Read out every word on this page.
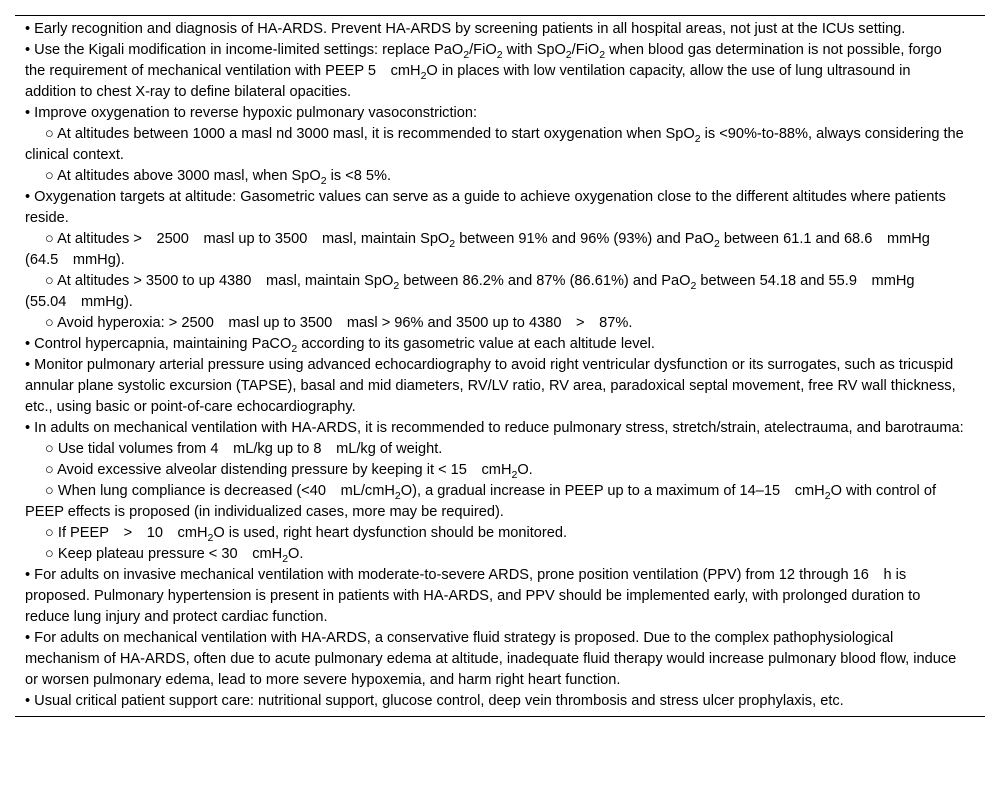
• Early recognition and diagnosis of HA-ARDS. Prevent HA-ARDS by screening patients in all hospital areas, not just at the ICUs setting.

• Use the Kigali modification in income-limited settings: replace PaO$_2$/FiO$_2$ with SpO$_2$/FiO$_2$ when blood gas determination is not possible, forgo the requirement of mechanical ventilation with PEEP 5 cmH$_2$O in places with low ventilation capacity, allow the use of lung ultrasound in addition to chest X-ray to define bilateral opacities.

• Improve oxygenation to reverse hypoxic pulmonary vasoconstriction:

○ At altitudes between 1000 a masl nd 3000 masl, it is recommended to start oxygenation when SpO$_2$ is <90%-to-88%, always considering the clinical context.

○ At altitudes above 3000 masl, when SpO$_2$ is <8 5%.

• Oxygenation targets at altitude: Gasometric values can serve as a guide to achieve oxygenation close to the different altitudes where patients reside.

○ At altitudes > 2500 masl up to 3500 masl, maintain SpO$_2$ between 91% and 96% (93%) and PaO$_2$ between 61.1 and 68.6 mmHg (64.5 mmHg).

○ At altitudes > 3500 to up 4380 masl, maintain SpO$_2$ between 86.2% and 87% (86.61%) and PaO$_2$ between 54.18 and 55.9 mmHg (55.04 mmHg).

○ Avoid hyperoxia: > 2500 masl up to 3500 masl > 96% and 3500 up to 4380 > 87%.

• Control hypercapnia, maintaining PaCO$_2$ according to its gasometric value at each altitude level.

• Monitor pulmonary arterial pressure using advanced echocardiography to avoid right ventricular dysfunction or its surrogates, such as tricuspid annular plane systolic excursion (TAPSE), basal and mid diameters, RV/LV ratio, RV area, paradoxical septal movement, free RV wall thickness, etc., using basic or point-of-care echocardiography.

• In adults on mechanical ventilation with HA-ARDS, it is recommended to reduce pulmonary stress, stretch/strain, atelectrauma, and barotrauma:

○ Use tidal volumes from 4 mL/kg up to 8 mL/kg of weight.

○ Avoid excessive alveolar distending pressure by keeping it < 15 cmH$_2$O.

○ When lung compliance is decreased (<40 mL/cmH$_2$O), a gradual increase in PEEP up to a maximum of 14–15 cmH$_2$O with control of PEEP effects is proposed (in individualized cases, more may be required).

○ If PEEP > 10 cmH$_2$O is used, right heart dysfunction should be monitored.

○ Keep plateau pressure < 30 cmH$_2$O.

• For adults on invasive mechanical ventilation with moderate-to-severe ARDS, prone position ventilation (PPV) from 12 through 16 h is proposed. Pulmonary hypertension is present in patients with HA-ARDS, and PPV should be implemented early, with prolonged duration to reduce lung injury and protect cardiac function.

• For adults on mechanical ventilation with HA-ARDS, a conservative fluid strategy is proposed. Due to the complex pathophysiological mechanism of HA-ARDS, often due to acute pulmonary edema at altitude, inadequate fluid therapy would increase pulmonary blood flow, induce or worsen pulmonary edema, lead to more severe hypoxemia, and harm right heart function.

• Usual critical patient support care: nutritional support, glucose control, deep vein thrombosis and stress ulcer prophylaxis, etc.
